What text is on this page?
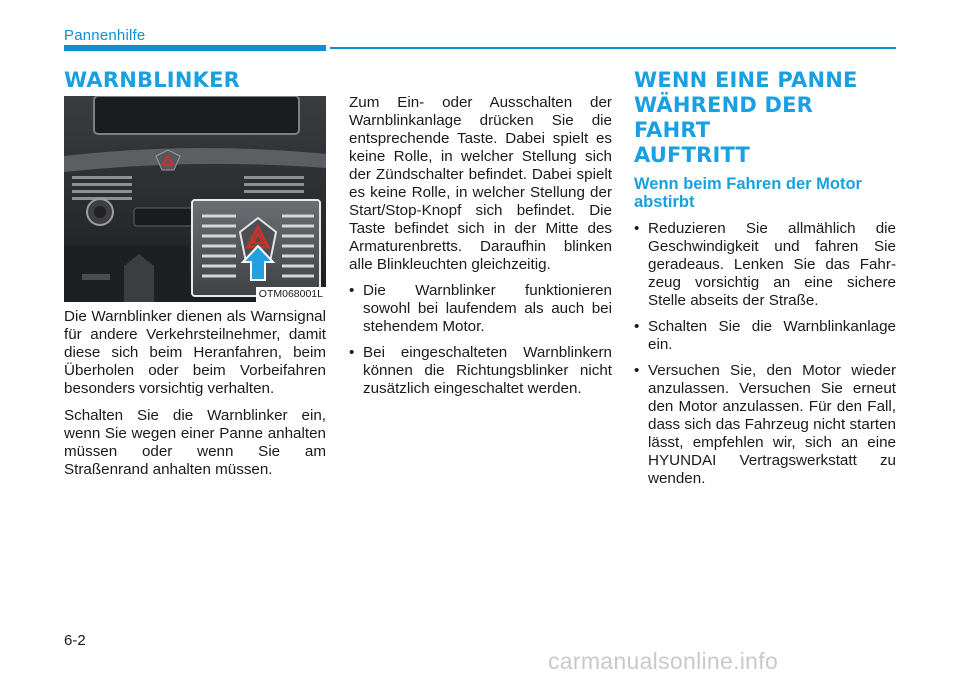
Pannenhilfe
WARNBLINKER
OTM068001L

Die Warnblinker dienen als Warnsignal für andere Verkehrsteilnehmer, damit diese sich beim Heranfahren, beim Überholen oder beim Vorbeifahren besonders vorsichtig verhalten.

Schalten Sie die Warnblinker ein, wenn Sie wegen einer Panne anhalten müssen oder wenn Sie am Straßenrand anhalten müssen.

Zum Ein- oder Ausschalten der Warnblinkanlage drücken Sie die entsprechende Taste. Dabei spielt es keine Rolle, in welcher Stellung sich der Zündschalter befindet. Dabei spielt es keine Rolle, in welcher Stellung der Start/Stop-Knopf sich befindet. Die Taste befindet sich in der Mitte des Armaturenbretts. Daraufhin blinken alle Blinkleuchten gleichzeitig.

• Die Warnblinker funktionieren sowohl bei laufendem als auch bei stehendem Motor.
• Bei eingeschalteten Warnblinkern können die Richtungsblinker nicht zusätzlich eingeschaltet werden.
WENN EINE PANNE
WÄHREND DER FAHRT
AUFTRITT
Wenn beim Fahren der Motor
abstirbt
• Reduzieren Sie allmählich die Geschwindigkeit und fahren Sie geradeaus. Lenken Sie das Fahrzeug vorsichtig an eine sichere Stelle abseits der Straße.
• Schalten Sie die Warnblinkanlage ein.
• Versuchen Sie, den Motor wieder anzulassen. Versuchen Sie erneut den Motor anzulassen. Für den Fall, dass sich das Fahrzeug nicht starten lässt, empfehlen wir, sich an eine HYUNDAI Vertragswerkstatt zu wenden.
6-2
carmanualsonline.info
